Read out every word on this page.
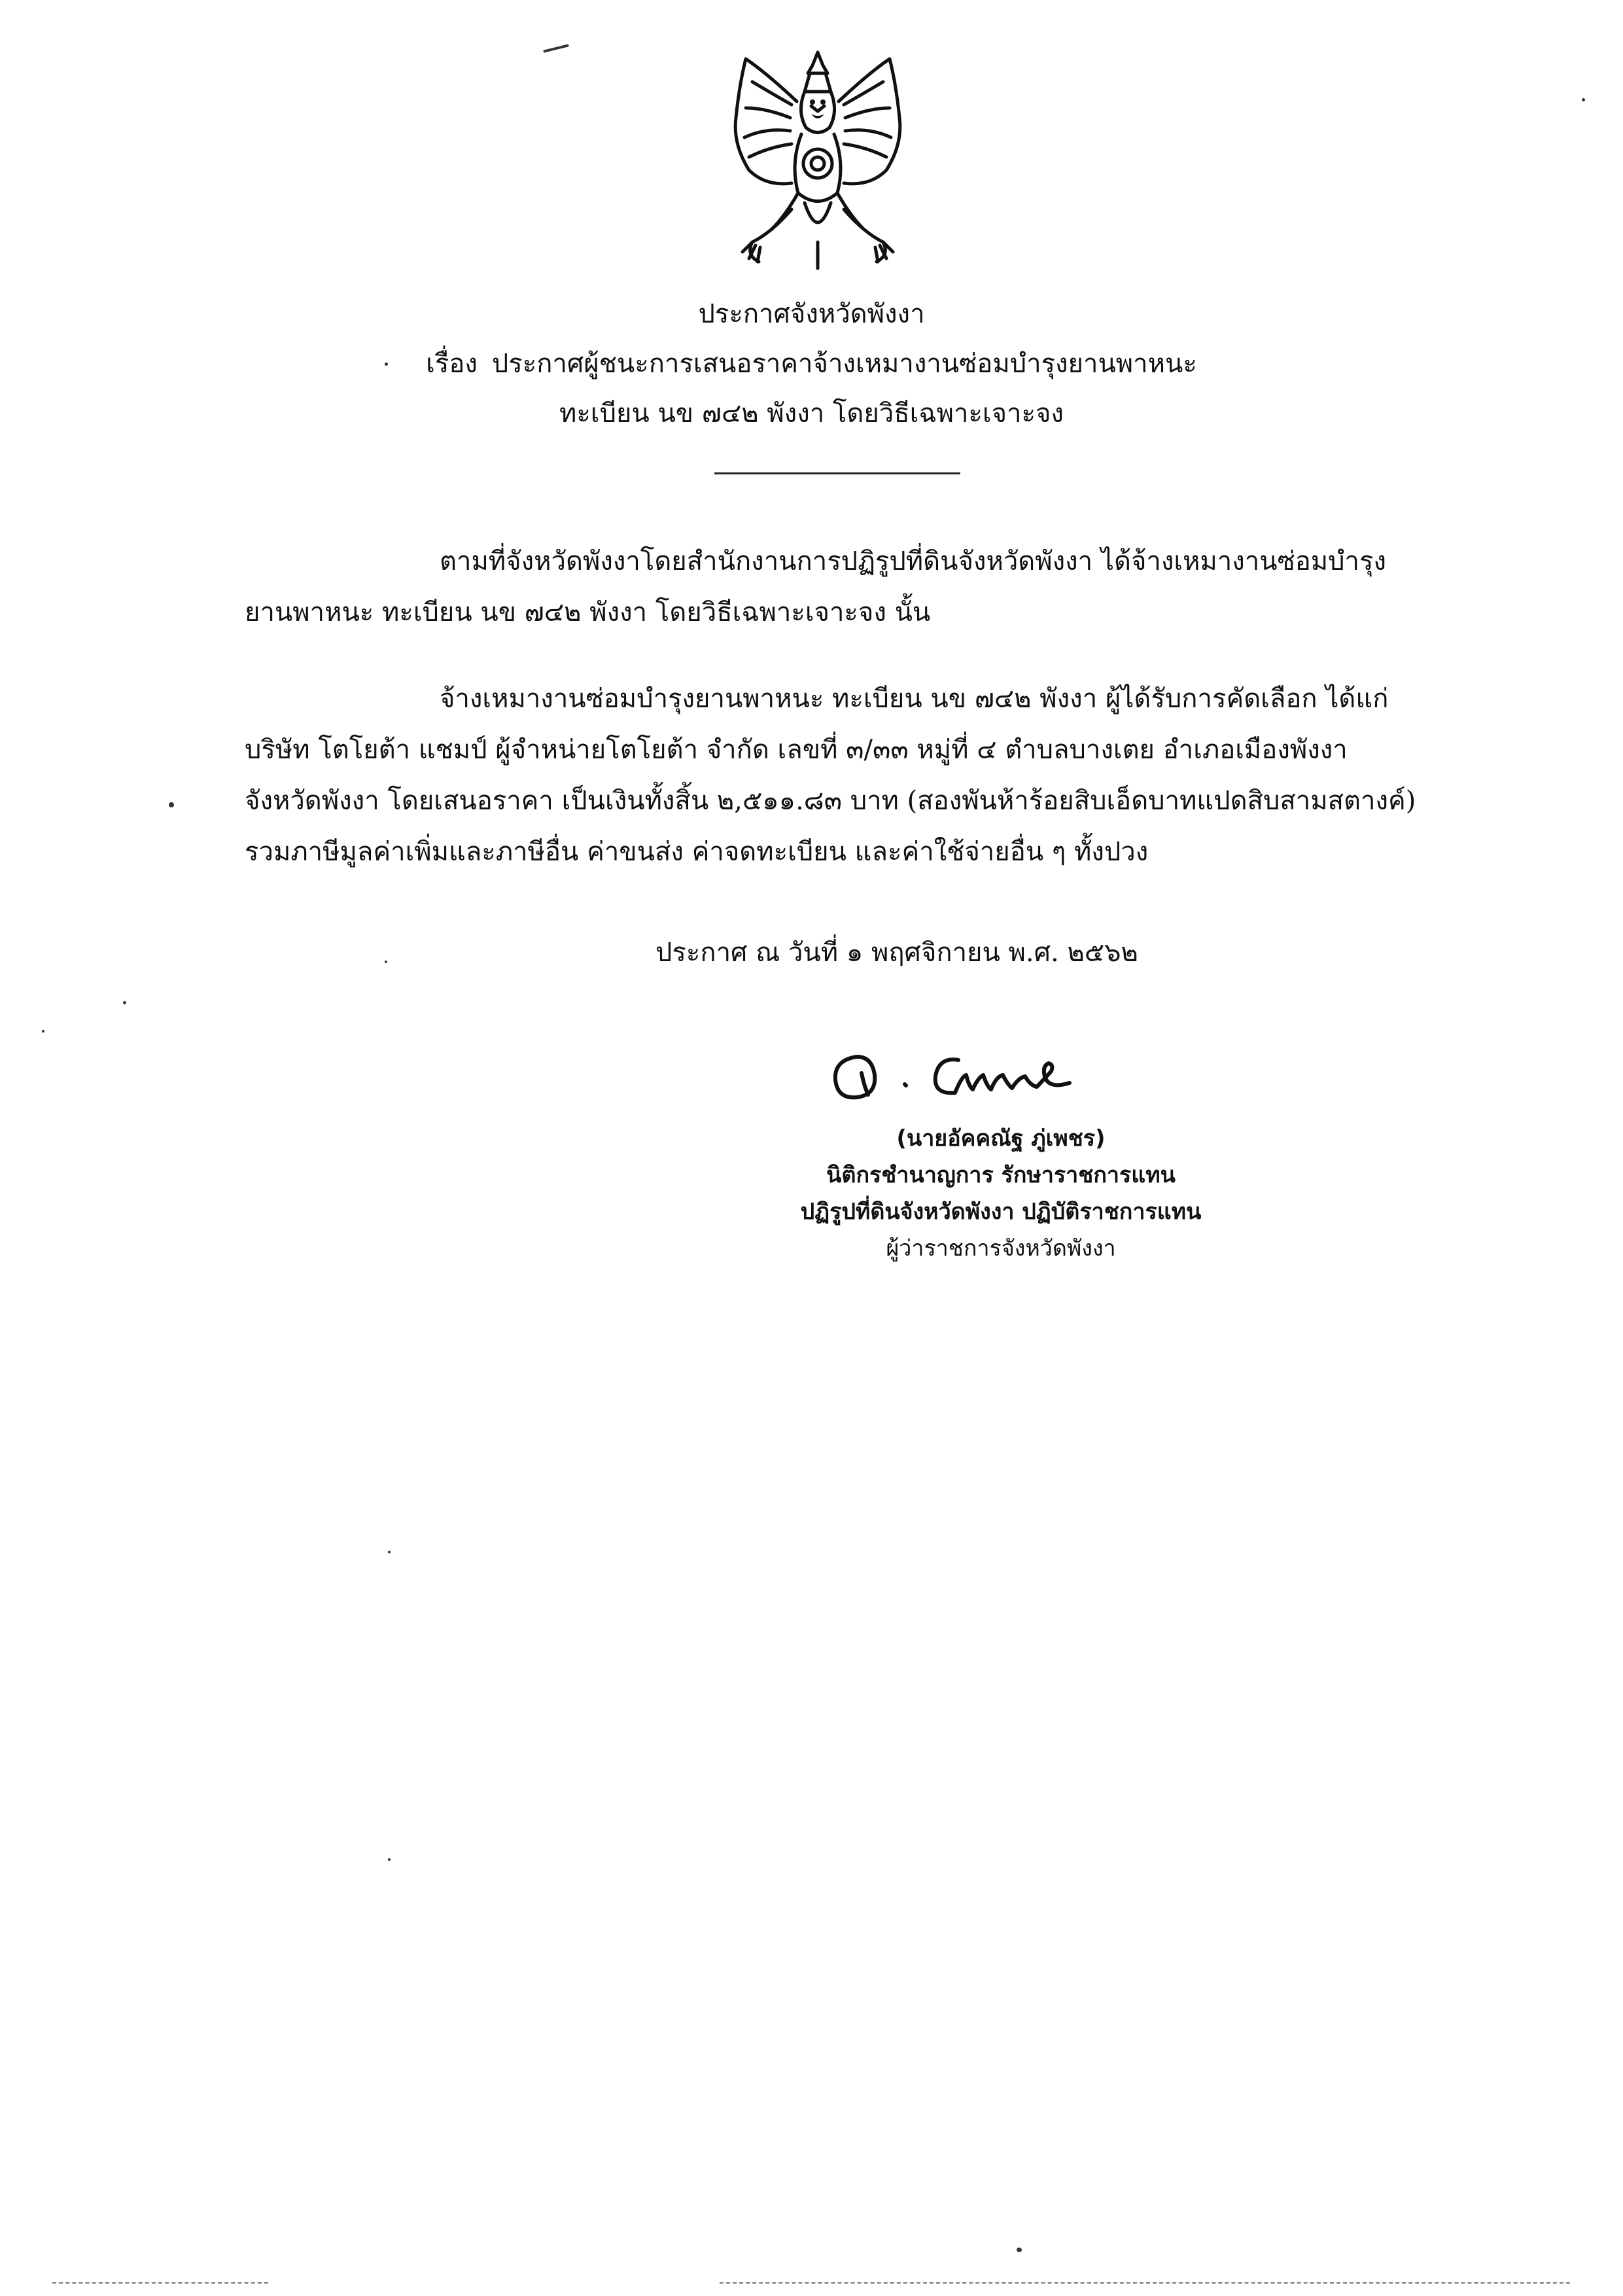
ประกาศจังหวัดพังงา
เรื่อง ประกาศผู้ชนะการเสนอราคาจ้างเหมางานซ่อมบำรุงยานพาหนะ
ทะเบียน นข ๗๔๒ พังงา โดยวิธีเฉพาะเจาะจง
ตามที่จังหวัดพังงาโดยสำนักงานการปฏิรูปที่ดินจังหวัดพังงา ได้จ้างเหมางานซ่อมบำรุง
ยานพาหนะ ทะเบียน นข ๗๔๒ พังงา โดยวิธีเฉพาะเจาะจง นั้น
จ้างเหมางานซ่อมบำรุงยานพาหนะ ทะเบียน นข ๗๔๒ พังงา ผู้ได้รับการคัดเลือก ได้แก่
บริษัท โตโยต้า แชมป์ ผู้จำหน่ายโตโยต้า จำกัด เลขที่ ๓/๓๓ หมู่ที่ ๔ ตำบลบางเตย อำเภอเมืองพังงา
จังหวัดพังงา โดยเสนอราคา เป็นเงินทั้งสิ้น ๒,๕๑๑.๘๓ บาท (สองพันห้าร้อยสิบเอ็ดบาทแปดสิบสามสตางค์)
รวมภาษีมูลค่าเพิ่มและภาษีอื่น ค่าขนส่ง ค่าจดทะเบียน และค่าใช้จ่ายอื่น ๆ ทั้งปวง
ประกาศ ณ วันที่ ๑ พฤศจิกายน พ.ศ. ๒๕๖๒
(นายอัคคณัฐ ภู่เพชร)
นิติกรชำนาญการ รักษาราชการแทน
ปฏิรูปที่ดินจังหวัดพังงา ปฏิบัติราชการแทน
ผู้ว่าราชการจังหวัดพังงา
